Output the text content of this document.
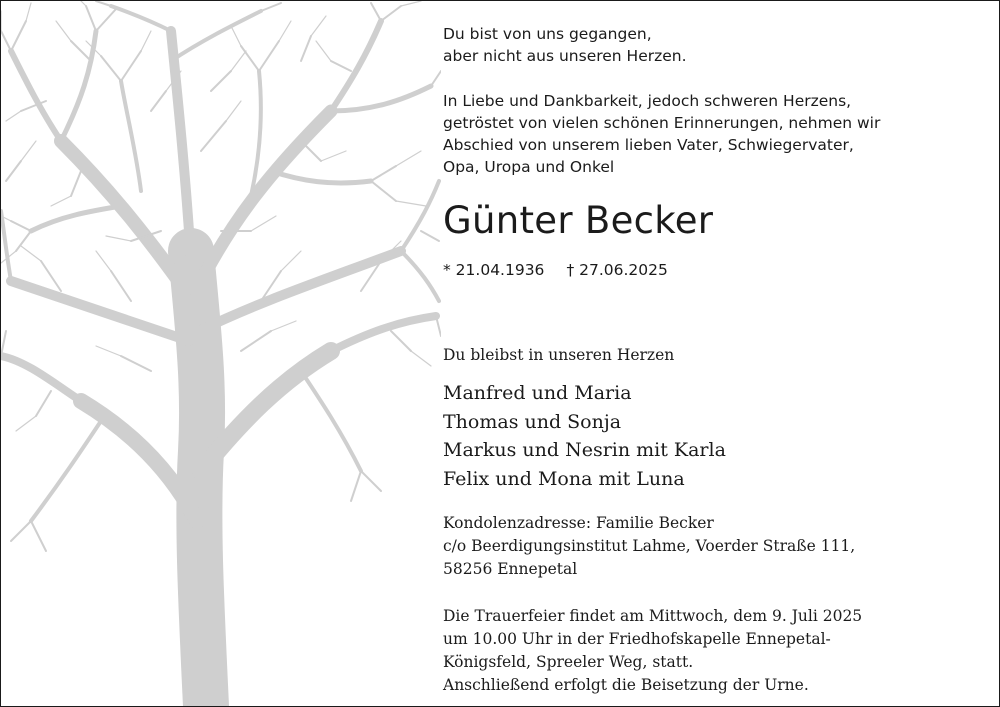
Du bist von uns gegangen,
aber nicht aus unseren Herzen.
In Liebe und Dankbarkeit, jedoch schweren Herzens,
getröstet von vielen schönen Erinnerungen, nehmen wir
Abschied von unserem lieben Vater, Schwiegervater,
Opa, Uropa und Onkel
Günter Becker
* 21.04.1936 † 27.06.2025
Du bleibst in unseren Herzen
Manfred und Maria
Thomas und Sonja
Markus und Nesrin mit Karla
Felix und Mona mit Luna
Kondolenzadresse: Familie Becker
c/o Beerdigungsinstitut Lahme, Voerder Straße 111,
58256 Ennepetal
Die Trauerfeier findet am Mittwoch, dem 9. Juli 2025
um 10.00 Uhr in der Friedhofskapelle Ennepetal-
Königsfeld, Spreeler Weg, statt.
Anschließend erfolgt die Beisetzung der Urne.
